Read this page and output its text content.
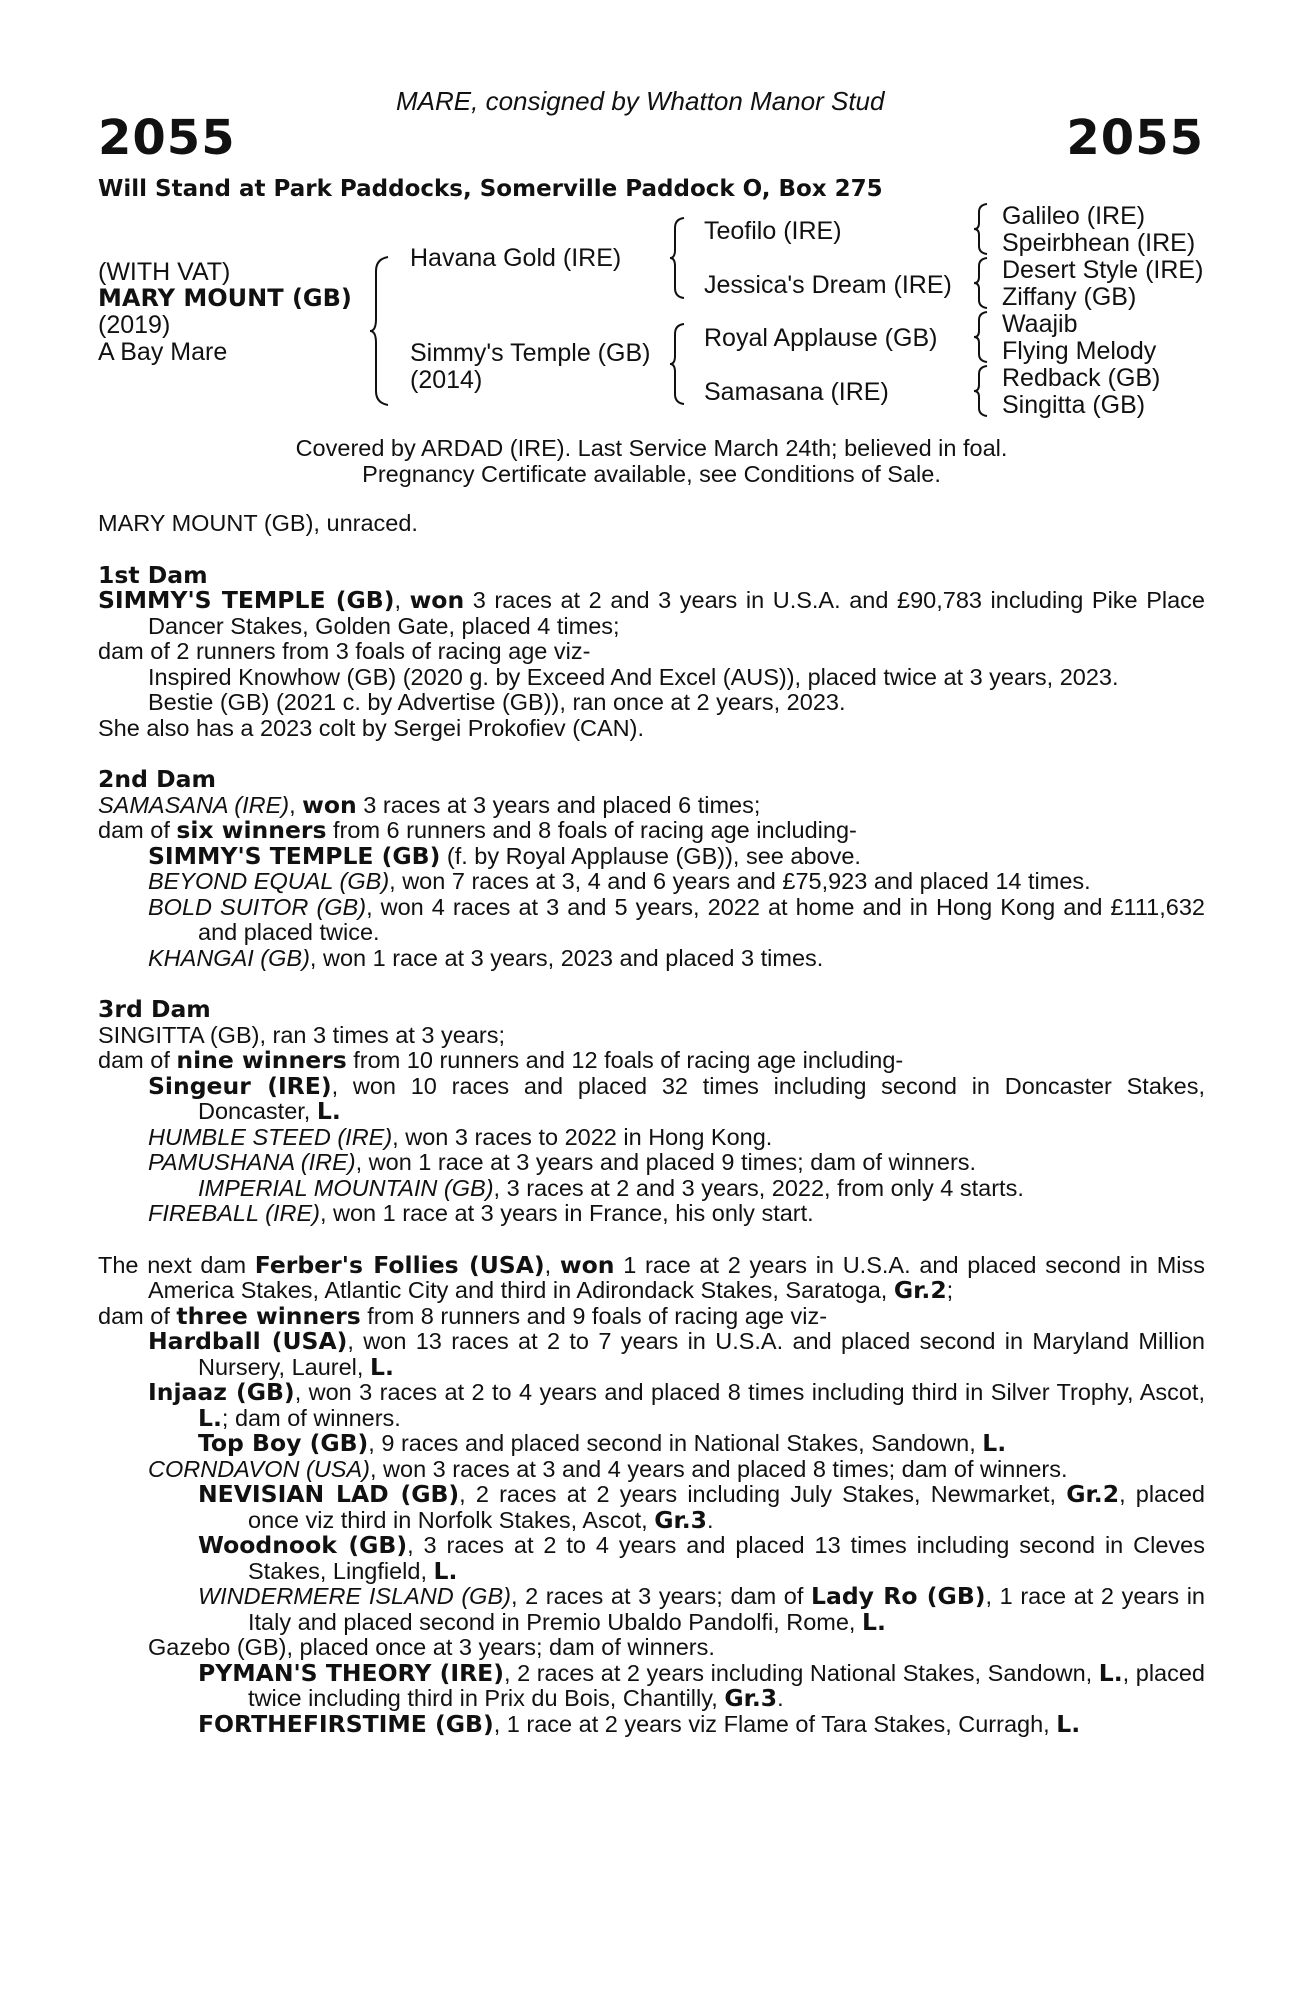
MARE, consigned by Whatton Manor Stud
2055	2055
Will Stand at Park Paddocks, Somerville Paddock O, Box 275
(WITH VAT)
MARY MOUNT (GB)
(2019)
A Bay Mare
Havana Gold (IRE)
Simmy's Temple (GB)
(2014)
Teofilo (IRE)
Jessica's Dream (IRE)
Royal Applause (GB)
Samasana (IRE)
Galileo (IRE)
Speirbhean (IRE)
Desert Style (IRE)
Ziffany (GB)
Waajib
Flying Melody
Redback (GB)
Singitta (GB)
Covered by ARDAD (IRE). Last Service March 24th; believed in foal.
Pregnancy Certificate available, see Conditions of Sale.

MARY MOUNT (GB), unraced.

1st Dam

SIMMY'S TEMPLE (GB), won 3 races at 2 and 3 years in U.S.A. and £90,783 including Pike Place Dancer Stakes, Golden Gate, placed 4 times;

dam of 2 runners from 3 foals of racing age viz-

Inspired Knowhow (GB) (2020 g. by Exceed And Excel (AUS)), placed twice at 3 years, 2023.

Bestie (GB) (2021 c. by Advertise (GB)), ran once at 2 years, 2023.

She also has a 2023 colt by Sergei Prokofiev (CAN).

2nd Dam

SAMASANA (IRE), won 3 races at 3 years and placed 6 times;

dam of six winners from 6 runners and 8 foals of racing age including-

SIMMY'S TEMPLE (GB) (f. by Royal Applause (GB)), see above.

BEYOND EQUAL (GB), won 7 races at 3, 4 and 6 years and £75,923 and placed 14 times.

BOLD SUITOR (GB), won 4 races at 3 and 5 years, 2022 at home and in Hong Kong and £111,632 and placed twice.

KHANGAI (GB), won 1 race at 3 years, 2023 and placed 3 times.

3rd Dam

SINGITTA (GB), ran 3 times at 3 years;

dam of nine winners from 10 runners and 12 foals of racing age including-

Singeur (IRE), won 10 races and placed 32 times including second in Doncaster Stakes, Doncaster, L.

HUMBLE STEED (IRE), won 3 races to 2022 in Hong Kong.

PAMUSHANA (IRE), won 1 race at 3 years and placed 9 times; dam of winners.

IMPERIAL MOUNTAIN (GB), 3 races at 2 and 3 years, 2022, from only 4 starts.

FIREBALL (IRE), won 1 race at 3 years in France, his only start.

The next dam Ferber's Follies (USA), won 1 race at 2 years in U.S.A. and placed second in Miss America Stakes, Atlantic City and third in Adirondack Stakes, Saratoga, Gr.2;

dam of three winners from 8 runners and 9 foals of racing age viz-

Hardball (USA), won 13 races at 2 to 7 years in U.S.A. and placed second in Maryland Million Nursery, Laurel, L.

Injaaz (GB), won 3 races at 2 to 4 years and placed 8 times including third in Silver Trophy, Ascot, L.; dam of winners.

Top Boy (GB), 9 races and placed second in National Stakes, Sandown, L.

CORNDAVON (USA), won 3 races at 3 and 4 years and placed 8 times; dam of winners.

NEVISIAN LAD (GB), 2 races at 2 years including July Stakes, Newmarket, Gr.2, placed once viz third in Norfolk Stakes, Ascot, Gr.3.

Woodnook (GB), 3 races at 2 to 4 years and placed 13 times including second in Cleves Stakes, Lingfield, L.

WINDERMERE ISLAND (GB), 2 races at 3 years; dam of Lady Ro (GB), 1 race at 2 years in Italy and placed second in Premio Ubaldo Pandolfi, Rome, L.

Gazebo (GB), placed once at 3 years; dam of winners.

PYMAN'S THEORY (IRE), 2 races at 2 years including National Stakes, Sandown, L., placed twice including third in Prix du Bois, Chantilly, Gr.3.

FORTHEFIRSTIME (GB), 1 race at 2 years viz Flame of Tara Stakes, Curragh, L.
